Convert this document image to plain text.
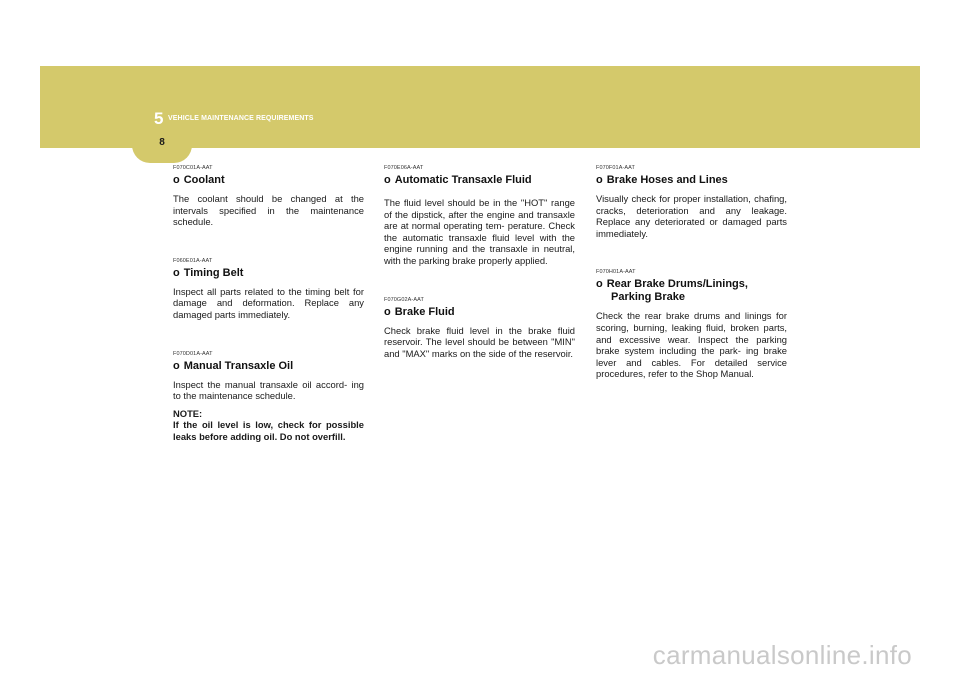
5 VEHICLE MAINTENANCE REQUIREMENTS
8
F070C01A-AAT
o Coolant
The coolant should be changed at the intervals specified in the maintenance schedule.
F060E01A-AAT
o Timing Belt
Inspect all parts related to the timing belt for damage and deformation. Replace any damaged parts immediately.
F070D01A-AAT
o Manual Transaxle Oil
Inspect the manual transaxle oil accord- ing to the maintenance schedule.
NOTE:
If the oil level is low, check for possible leaks before adding oil. Do not overfill.
F070E06A-AAT
o Automatic Transaxle Fluid
The fluid level should be in the "HOT" range of the dipstick, after the engine and transaxle are at normal operating tem- perature. Check the automatic transaxle fluid level with the engine running and the transaxle in neutral, with the parking brake properly applied.
F070G02A-AAT
o Brake Fluid
Check brake fluid level in the brake fluid reservoir. The level should be between "MIN" and "MAX" marks on the side of the reservoir.
F070F01A-AAT
o Brake Hoses and Lines
Visually check for proper installation, chafing, cracks, deterioration and any leakage. Replace any deteriorated or damaged parts immediately.
F070H01A-AAT
o Rear Brake Drums/Linings,
Parking Brake
Check the rear brake drums and linings for scoring, burning, leaking fluid, broken parts, and excessive wear. Inspect the parking brake system including the park- ing brake lever and cables. For detailed service procedures, refer to the Shop Manual.
carmanualsonline.info
